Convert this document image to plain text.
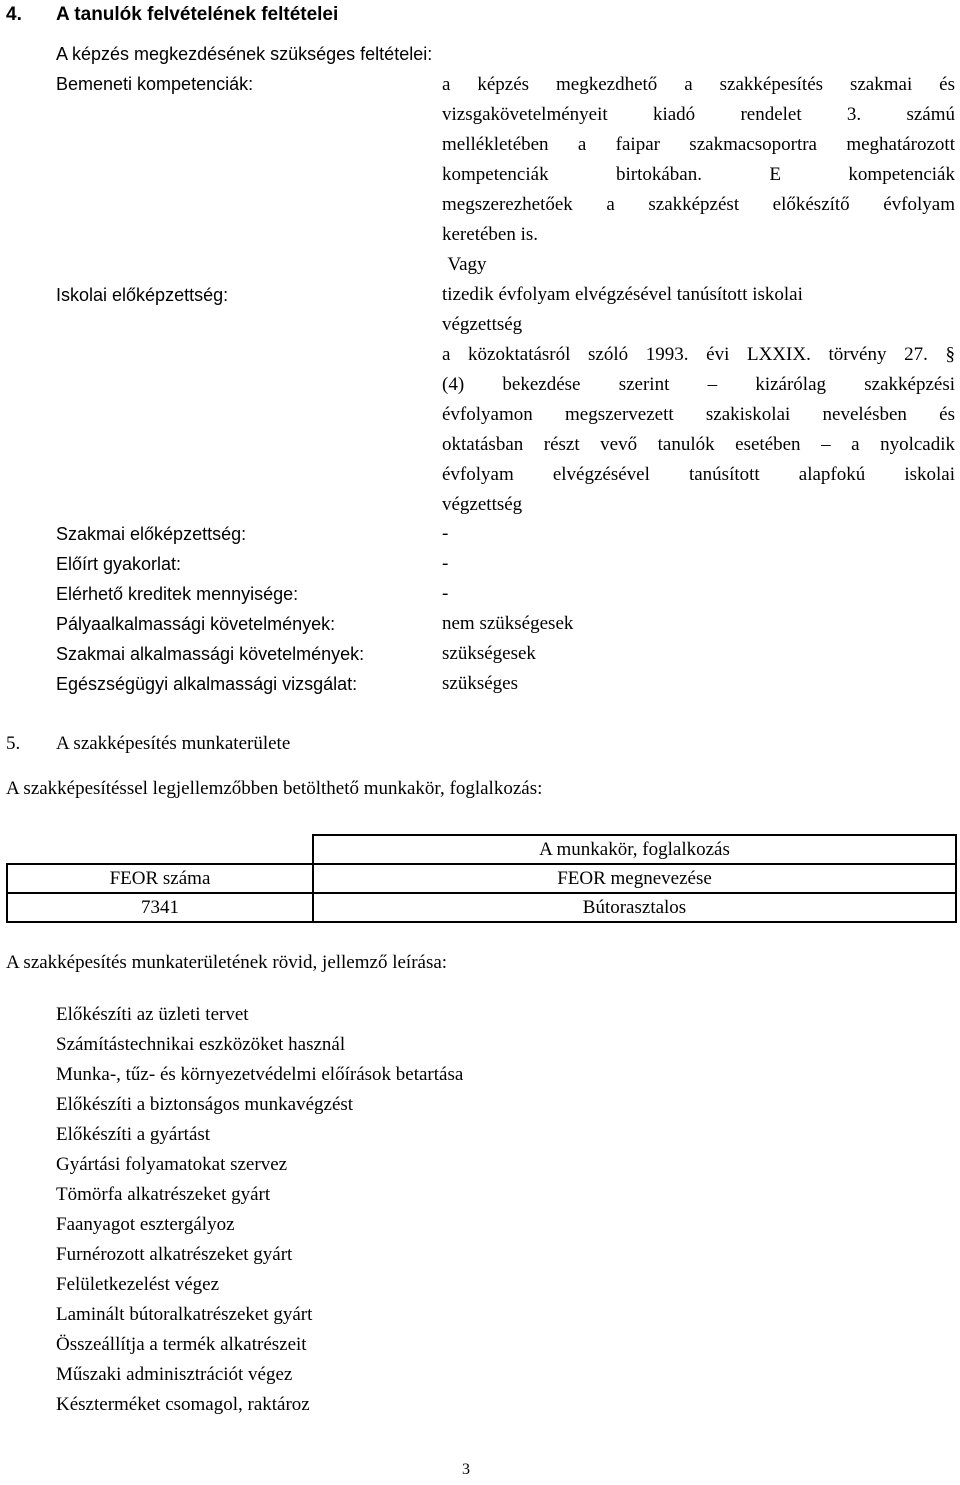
4. A tanulók felvételének feltételei
A képzés megkezdésének szükséges feltételei:
Bemeneti kompetenciák:	a képzés megkezdhető a szakképesítés szakmai és
vizsgakövetelményeit kiadó rendelet 3. számú
mellékletében a faipar szakmacsoportra meghatározott
kompetenciák birtokában. E kompetenciák
megszerezhetőek a szakképzést előkészítő évfolyam
keretében is.
Vagy
Iskolai előképzettség:	tizedik évfolyam elvégzésével tanúsított iskolai
végzettség
a közoktatásról szóló 1993. évi LXXIX. törvény 27. §
(4) bekezdése szerint – kizárólag szakképzési
évfolyamon megszervezett szakiskolai nevelésben és
oktatásban részt vevő tanulók esetében – a nyolcadik
évfolyam elvégzésével tanúsított alapfokú iskolai
végzettség
Szakmai előképzettség:	-
Előírt gyakorlat:	-
Elérhető kreditek mennyisége:	-
Pályaalkalmassági követelmények:	nem szükségesek
Szakmai alkalmassági követelmények:	szükségesek
Egészségügyi alkalmassági vizsgálat:	szükséges
5. A szakképesítés munkaterülete
A szakképesítéssel legjellemzőbben betölthető munkakör, foglalkozás:
	A munkakör, foglalkozás
FEOR száma	FEOR megnevezése
7341	Bútorasztalos
A szakképesítés munkaterületének rövid, jellemző leírása:
Előkészíti az üzleti tervet
Számítástechnikai eszközöket használ
Munka-, tűz- és környezetvédelmi előírások betartása
Előkészíti a biztonságos munkavégzést
Előkészíti a gyártást
Gyártási folyamatokat szervez
Tömörfa alkatrészeket gyárt
Faanyagot esztergályoz
Furnérozott alkatrészeket gyárt
Felületkezelést végez
Laminált bútoralkatrészeket gyárt
Összeállítja a termék alkatrészeit
Műszaki adminisztrációt végez
Készterméket csomagol, raktároz
3
